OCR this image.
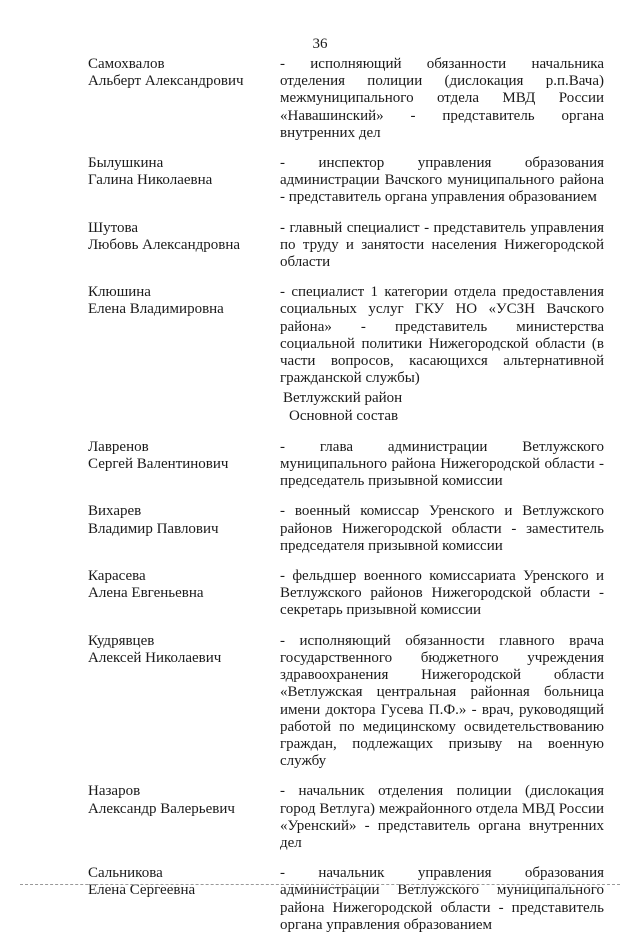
36
Самохвалов
Альберт Александрович
- исполняющий обязанности начальника отделения полиции (дислокация р.п.Вача) межмуниципального отдела МВД России «Навашинский» - представитель органа внутренних дел
Былушкина
Галина Николаевна
- инспектор управления образования администрации Вачского муниципального района - представитель органа управления образованием
Шутова
Любовь Александровна
- главный специалист - представитель управления по труду и занятости населения Нижегородской области
Клюшина
Елена Владимировна
- специалист 1 категории отдела предоставления социальных услуг ГКУ НО «УСЗН Вачского района» - представитель министерства социальной политики Нижегородской области (в части вопросов, касающихся альтернативной гражданской службы)
Ветлужский район
Основной состав
Лавренов
Сергей Валентинович
- глава администрации Ветлужского муниципального района Нижегородской области - председатель призывной комиссии
Вихарев
Владимир Павлович
- военный комиссар Уренского и Ветлужского районов Нижегородской области - заместитель председателя призывной комиссии
Карасева
Алена Евгеньевна
- фельдшер военного комиссариата Уренского и Ветлужского районов Нижегородской области - секретарь призывной комиссии
Кудрявцев
Алексей Николаевич
- исполняющий обязанности главного врача государственного бюджетного учреждения здравоохранения Нижегородской области «Ветлужская центральная районная больница имени доктора Гусева П.Ф.» - врач, руководящий работой по медицинскому освидетельствованию граждан, подлежащих призыву на военную службу
Назаров
Александр Валерьевич
- начальник отделения полиции (дислокация город Ветлуга) межрайонного отдела МВД России «Уренский» - представитель органа внутренних дел
Сальникова
Елена Сергеевна
- начальник управления образования администрации Ветлужского муниципального района Нижегородской области - представитель органа управления образованием
